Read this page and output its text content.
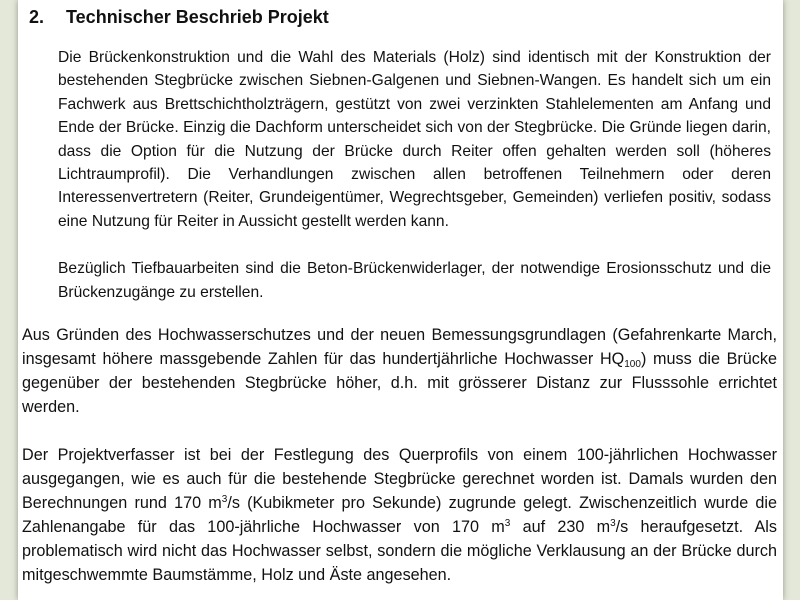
2. Technischer Beschrieb Projekt

Die Brückenkonstruktion und die Wahl des Materials (Holz) sind identisch mit der Konstruktion der bestehenden Stegbrücke zwischen Siebnen-Galgenen und Siebnen-Wangen. Es handelt sich um ein Fachwerk aus Brettschichtholzträgern, gestützt von zwei verzinkten Stahlelementen am Anfang und Ende der Brücke. Einzig die Dachform unterscheidet sich von der Stegbrücke. Die Gründe liegen darin, dass die Option für die Nutzung der Brücke durch Reiter offen gehalten werden soll (höheres Lichtraumprofil). Die Verhandlungen zwischen allen betroffenen Teilnehmern oder deren Interessenvertretern (Reiter, Grundeigentümer, Wegrechtsgeber, Gemeinden) verliefen positiv, sodass eine Nutzung für Reiter in Aussicht gestellt werden kann.

Bezüglich Tiefbauarbeiten sind die Beton-Brückenwiderlager, der notwendige Erosionsschutz und die Brückenzugänge zu erstellen.

Aus Gründen des Hochwasserschutzes und der neuen Bemessungsgrundlagen (Gefahrenkarte March, insgesamt höhere massgebende Zahlen für das hundertjährliche Hochwasser $HQ_{100}$) muss die Brücke gegenüber der bestehenden Stegbrücke höher, d.h. mit grösserer Distanz zur Flusssohle errichtet werden.

Der Projektverfasser ist bei der Festlegung des Querprofils von einem 100-jährlichen Hochwasser ausgegangen, wie es auch für die bestehende Stegbrücke gerechnet worden ist. Damals wurden den Berechnungen rund 170 $m^3/s$ (Kubikmeter pro Sekunde) zugrunde gelegt. Zwischenzeitlich wurde die Zahlenangabe für das 100-jährliche Hochwasser von 170 $m^3$ auf 230 $m^3/s$ heraufgesetzt. Als problematisch wird nicht das Hochwasser selbst, sondern die mögliche Verklausung an der Brücke durch mitgeschwemmte Baumstämme, Holz und Äste angesehen.
